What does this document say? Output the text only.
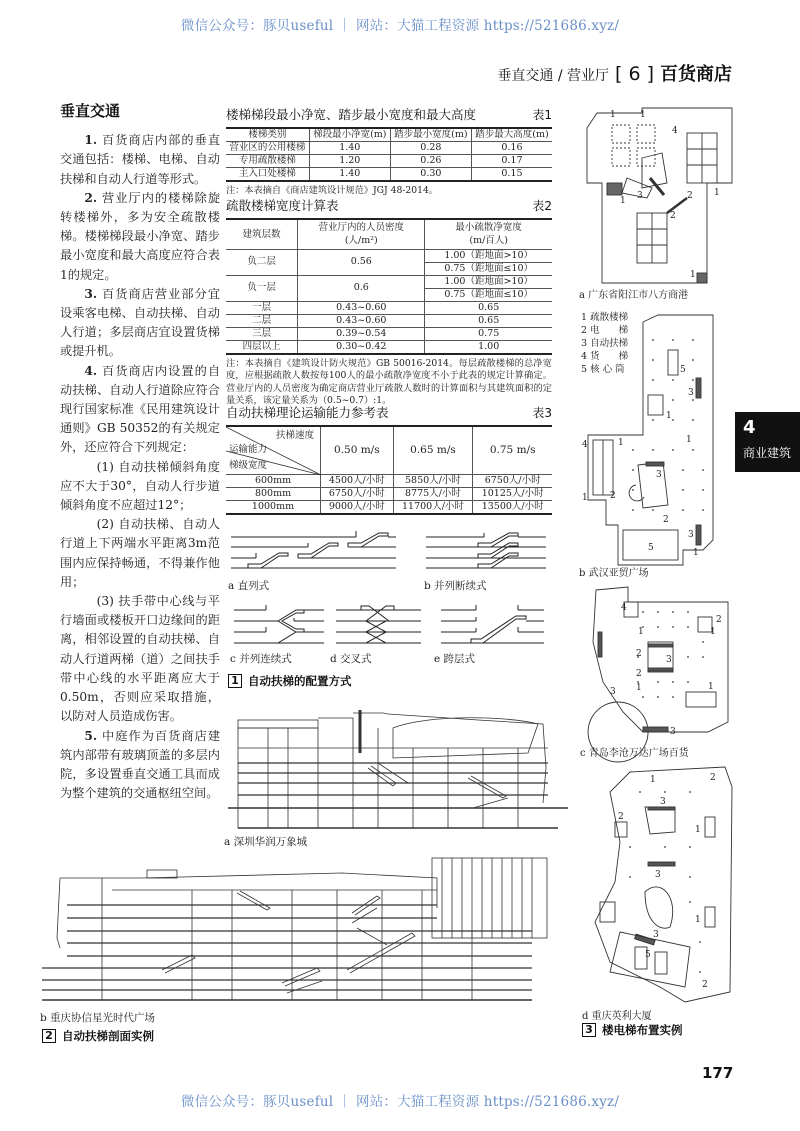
微信公众号：豚贝useful ｜ 网站：大猫工程资源 https://521686.xyz/
垂直交通 / 营业厅 [ 6 ] 百货商店
垂直交通

1. 百货商店内部的垂直交通包括：楼梯、电梯、自动扶梯和自动人行道等形式。

2. 营业厅内的楼梯除旋转楼梯外，多为安全疏散楼梯。楼梯梯段最小净宽、踏步最小宽度和最大高度应符合表1的规定。

3. 百货商店营业部分宜设乘客电梯、自动扶梯、自动人行道；多层商店宜设置货梯或提升机。

4. 百货商店内设置的自动扶梯、自动人行道除应符合现行国家标准《民用建筑设计通则》GB 50352的有关规定外，还应符合下列规定：

(1) 自动扶梯倾斜角度应不大于30°，自动人行步道倾斜角度不应超过12°；

(2) 自动扶梯、自动人行道上下两端水平距离3m范围内应保持畅通，不得兼作他用；

(3) 扶手带中心线与平行墙面或楼板开口边缘间的距离，相邻设置的自动扶梯、自动人行道两梯（道）之间扶手带中心线的水平距离应大于0.50m，否则应采取措施，以防对人员造成伤害。

5. 中庭作为百货商店建筑内部带有玻璃顶盖的多层内院，多设置垂直交通工具而成为整个建筑的交通枢纽空间。

楼梯梯段最小净宽、踏步最小宽度和最大高度	表1
楼梯类别	梯段最小净宽(m)	踏步最小宽度(m)	踏步最大高度(m)
营业区的公用楼梯	1.40	0.28	0.16
专用疏散楼梯	1.20	0.26	0.17
主入口处楼梯	1.40	0.30	0.15
注：本表摘自《商店建筑设计规范》JGJ 48-2014。
疏散楼梯宽度计算表	表2
建筑层数	营业厅内的人员密度
(人/m²)	最小疏散净宽度
(m/百人)
负二层	0.56	1.00（距地面>10）
		0.75（距地面≤10）
负一层	0.6	1.00（距地面>10）
		0.75（距地面≤10）
一层	0.43~0.60	0.65
二层	0.43~0.60	0.65
三层	0.39~0.54	0.75
四层以上	0.30~0.42	1.00
注：本表摘自《建筑设计防火规范》GB 50016-2014。每层疏散楼梯的总净宽度，应根据疏散人数按每100人的最小疏散净宽度不小于此表的规定计算确定。营业厅内的人员密度为确定商店营业厅疏散人数时的计算面积与其建筑面积的定量关系，该定量关系为（0.5~0.7）:1。
自动扶梯理论运输能力参考表	表3
扶梯速度
运输能力
梯级宽度	0.50 m/s	0.65 m/s	0.75 m/s
600mm	4500人/小时	5850人/小时	6750人/小时
800mm	6750人/小时	8775人/小时	10125人/小时
1000mm	9000人/小时	11700人/小时	13500人/小时
a 直列式	b 并列断续式
c 并列连续式	d 交叉式	e 跨层式
1 自动扶梯的配置方式
a 深圳华润万象城
b 重庆协信星光时代广场
2 自动扶梯剖面实例
1	1
4
3	2
2
1
1
1
a 广东省阳江市八方商港
1 疏散楼梯
2 电　　梯
3 自动扶梯
4 货　　梯
5 核 心 筒	5
3
1
1
4	1
3
2
1 2
3
1
5
b 武汉亚贸广场
4
1
2
2
1
3
3
2
1
1
3
c 青岛李沧万达广场百货
1	2
3
2
1
3
1
3
5
2
d 重庆英利大厦
3 楼电梯布置实例
4
商业建筑
177
微信公众号：豚贝useful ｜ 网站：大猫工程资源 https://521686.xyz/
